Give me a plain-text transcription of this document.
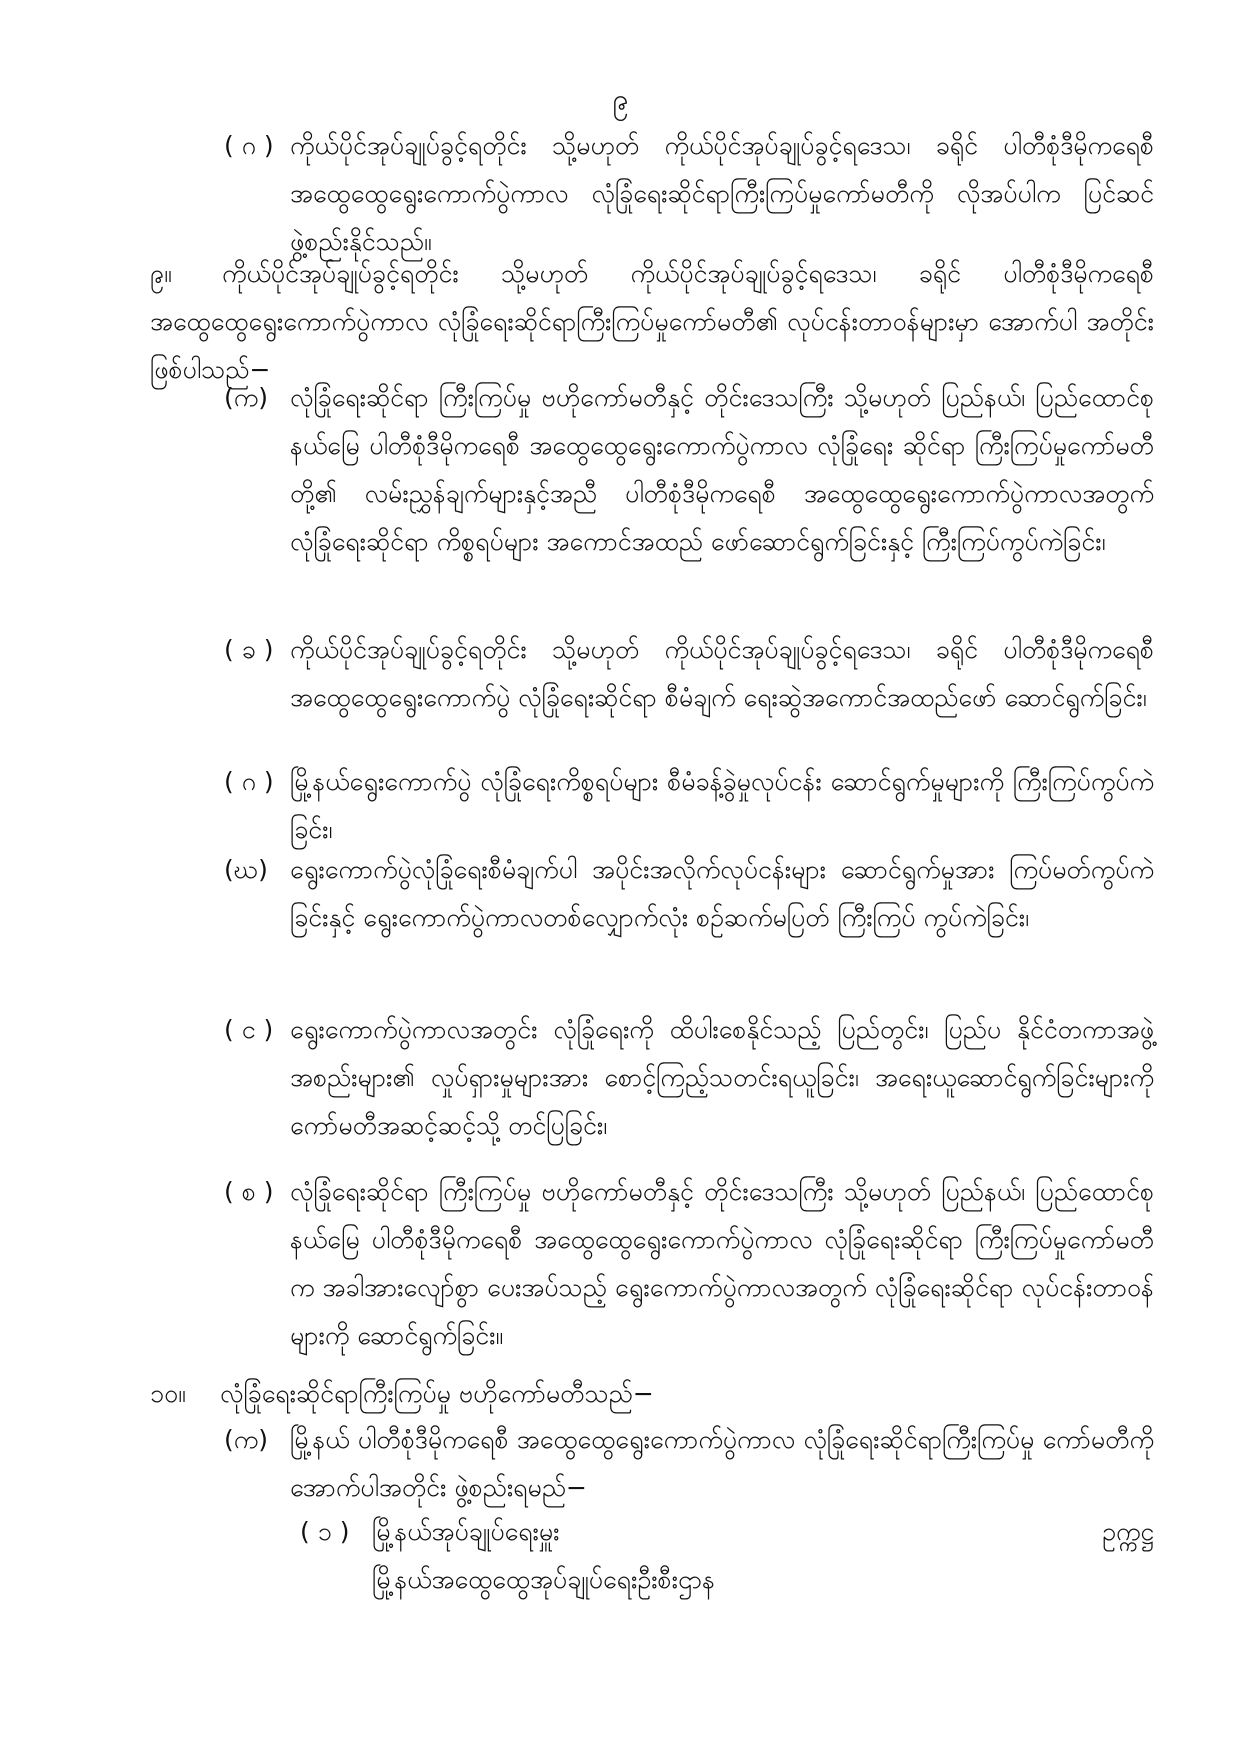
၉
( ဂ ) ကိုယ်ပိုင်အုပ်ချုပ်ခွင့်ရတိုင်း သို့မဟုတ် ကိုယ်ပိုင်အုပ်ချုပ်ခွင့်ရဒေသ၊ ခရိုင် ပါတီစုံဒီမိုကရေစီ အထွေထွေရွေးကောက်ပွဲကာလ လုံခြုံရေးဆိုင်ရာကြီးကြပ်မှုကော်မတီကို လိုအပ်ပါက ပြင်ဆင် ဖွဲ့စည်းနိုင်သည်။
၉။ ကိုယ်ပိုင်အုပ်ချုပ်ခွင့်ရတိုင်း သို့မဟုတ် ကိုယ်ပိုင်အုပ်ချုပ်ခွင့်ရဒေသ၊ ခရိုင် ပါတီစုံဒီမိုကရေစီ အထွေထွေရွေးကောက်ပွဲကာလ လုံခြုံရေးဆိုင်ရာကြီးကြပ်မှုကော်မတီ၏ လုပ်ငန်းတာဝန်များမှာ အောက်ပါ အတိုင်း ဖြစ်ပါသည်−
(က) လုံခြုံရေးဆိုင်ရာ ကြီးကြပ်မှု ဗဟိုကော်မတီနှင့် တိုင်းဒေသကြီး သို့မဟုတ် ပြည်နယ်၊ ပြည်ထောင်စုနယ်မြေ ပါတီစုံဒီမိုကရေစီ အထွေထွေရွေးကောက်ပွဲကာလ လုံခြုံရေး ဆိုင်ရာ ကြီးကြပ်မှုကော်မတီတို့၏ လမ်းညွှန်ချက်များနှင့်အညီ ပါတီစုံဒီမိုကရေစီ အထွေထွေရွေးကောက်ပွဲကာလအတွက် လုံခြုံရေးဆိုင်ရာ ကိစ္စရပ်များ အကောင်အထည် ဖော်ဆောင်ရွက်ခြင်းနှင့် ကြီးကြပ်ကွပ်ကဲခြင်း၊
( ခ ) ကိုယ်ပိုင်အုပ်ချုပ်ခွင့်ရတိုင်း သို့မဟုတ် ကိုယ်ပိုင်အုပ်ချုပ်ခွင့်ရဒေသ၊ ခရိုင် ပါတီစုံဒီမိုကရေစီ အထွေထွေရွေးကောက်ပွဲ လုံခြုံရေးဆိုင်ရာ စီမံချက် ရေးဆွဲအကောင်အထည်ဖော် ဆောင်ရွက်ခြင်း၊
( ဂ ) မြို့နယ်ရွေးကောက်ပွဲ လုံခြုံရေးကိစ္စရပ်များ စီမံခန့်ခွဲမှုလုပ်ငန်း ဆောင်ရွက်မှုများကို ကြီးကြပ်ကွပ်ကဲခြင်း၊
(ဃ) ရွေးကောက်ပွဲလုံခြုံရေးစီမံချက်ပါ အပိုင်းအလိုက်လုပ်ငန်းများ ဆောင်ရွက်မှုအား ကြပ်မတ်ကွပ်ကဲခြင်းနှင့် ရွေးကောက်ပွဲကာလတစ်လျှောက်လုံး စဉ်ဆက်မပြတ် ကြီးကြပ် ကွပ်ကဲခြင်း၊
( င ) ရွေးကောက်ပွဲကာလအတွင်း လုံခြုံရေးကို ထိပါးစေနိုင်သည့် ပြည်တွင်း၊ ပြည်ပ နိုင်ငံတကာအဖွဲ့အစည်းများ၏ လှုပ်ရှားမှုများအား စောင့်ကြည့်သတင်းရယူခြင်း၊ အရေးယူဆောင်ရွက်ခြင်းများကို ကော်မတီအဆင့်ဆင့်သို့ တင်ပြခြင်း၊
( စ ) လုံခြုံရေးဆိုင်ရာ ကြီးကြပ်မှု ဗဟိုကော်မတီနှင့် တိုင်းဒေသကြီး သို့မဟုတ် ပြည်နယ်၊ ပြည်ထောင်စုနယ်မြေ ပါတီစုံဒီမိုကရေစီ အထွေထွေရွေးကောက်ပွဲကာလ လုံခြုံရေးဆိုင်ရာ ကြီးကြပ်မှုကော်မတီက အခါအားလျော်စွာ ပေးအပ်သည့် ရွေးကောက်ပွဲကာလအတွက် လုံခြုံရေးဆိုင်ရာ လုပ်ငန်းတာဝန်များကို ဆောင်ရွက်ခြင်း။
၁၀။ လုံခြုံရေးဆိုင်ရာကြီးကြပ်မှု ဗဟိုကော်မတီသည်−
(က) မြို့နယ် ပါတီစုံဒီမိုကရေစီ အထွေထွေရွေးကောက်ပွဲကာလ လုံခြုံရေးဆိုင်ရာကြီးကြပ်မှု ကော်မတီကို အောက်ပါအတိုင်း ဖွဲ့စည်းရမည်−
( ၁ ) မြို့နယ်အုပ်ချုပ်ရေးမှူး
မြို့နယ်အထွေထွေအုပ်ချုပ်ရေးဦးစီးဌာန
ဥက္ကဋ္ဌ
